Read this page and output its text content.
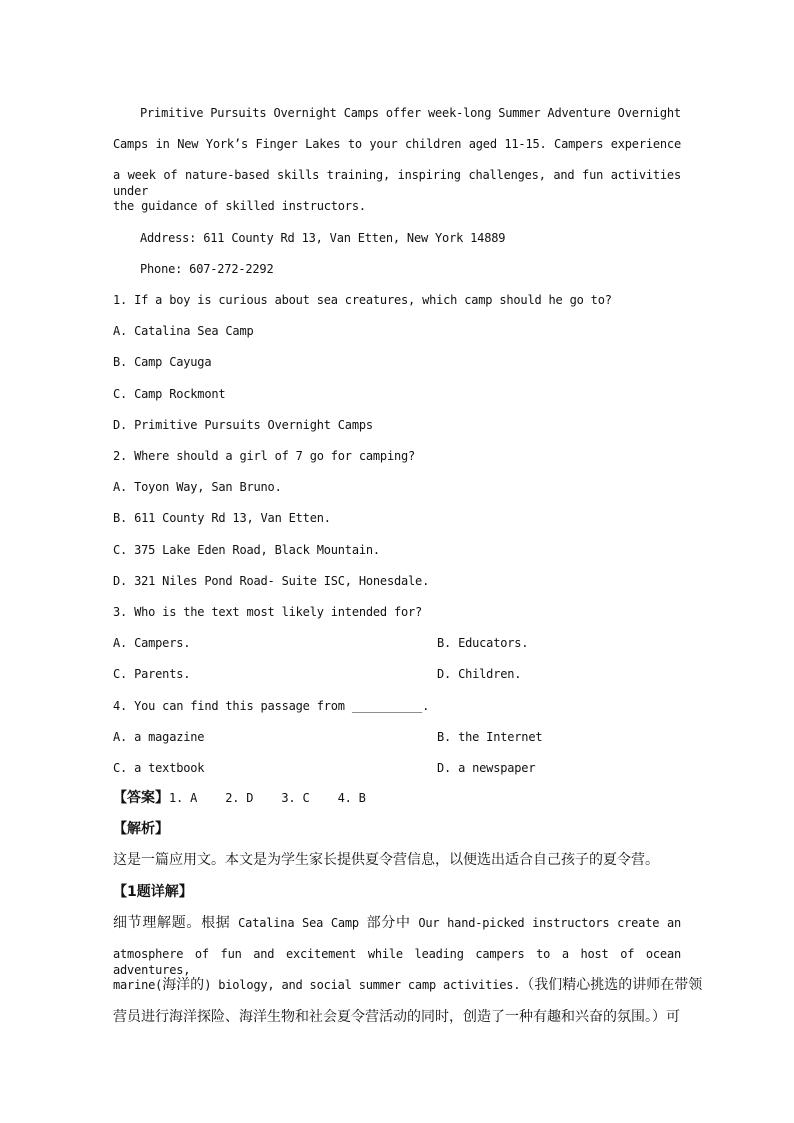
Primitive Pursuits Overnight Camps offer week-long Summer Adventure Overnight
Camps in New York’s Finger Lakes to your children aged 11-15. Campers experience
a week of nature-based skills training, inspiring challenges, and fun activities under
the guidance of skilled instructors.
Address: 611 County Rd 13, Van Etten, New York 14889
Phone: 607-272-2292
1. If a boy is curious about sea creatures, which camp should he go to?
A. Catalina Sea Camp
B. Camp Cayuga
C. Camp Rockmont
D. Primitive Pursuits Overnight Camps
2. Where should a girl of 7 go for camping?
A. Toyon Way, San Bruno.
B. 611 County Rd 13, Van Etten.
C. 375 Lake Eden Road, Black Mountain.
D. 321 Niles Pond Road- Suite ISC, Honesdale.
3. Who is the text most likely intended for?
A. Campers.	B. Educators.
C. Parents.	D. Children.
4. You can find this passage from __________.
A. a magazine	B. the Internet
C. a textbook	D. a newspaper
【答案】1. A    2. D    3. C    4. B
【解析】
这是一篇应用文。本文是为学生家长提供夏令营信息，以便选出适合自己孩子的夏令营。
【1题详解】
细节理解题。根据 Catalina Sea Camp 部分中 Our hand-picked instructors create an
atmosphere of fun and excitement while leading campers to a host of ocean adventures,
marine(海洋的) biology, and social summer camp activities.（我们精心挑选的讲师在带领
营员进行海洋探险、海洋生物和社会夏令营活动的同时，创造了一种有趣和兴奋的氛围。）可
